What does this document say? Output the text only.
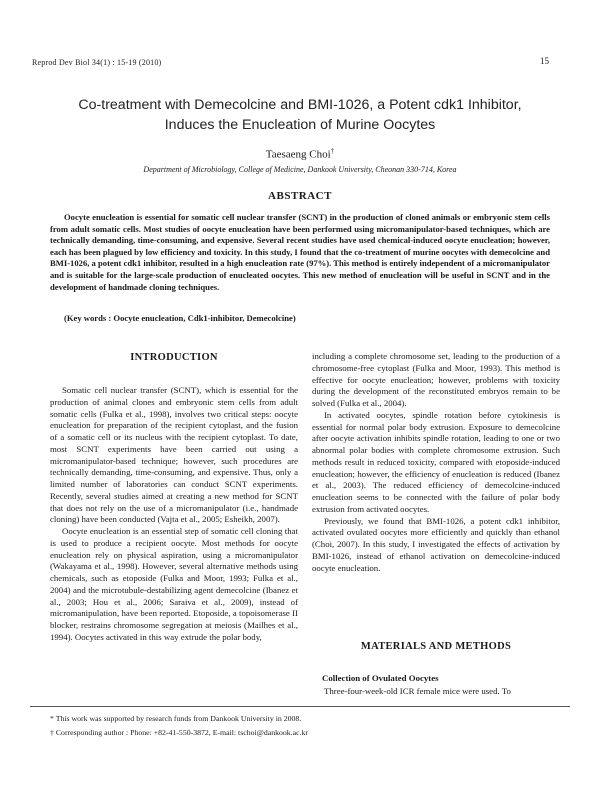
Reprod Dev Biol 34(1) : 15-19 (2010)	15
Co-treatment with Demecolcine and BMI-1026, a Potent cdk1 Inhibitor,
Induces the Enucleation of Murine Oocytes
Taesaeng Choi†
Department of Microbiology, College of Medicine, Dankook University, Cheonan 330-714, Korea
ABSTRACT
Oocyte enucleation is essential for somatic cell nuclear transfer (SCNT) in the production of cloned animals or embryonic stem cells from adult somatic cells. Most studies of oocyte enucleation have been performed using micromanipulator-based techniques, which are technically demanding, time-consuming, and expensive. Several recent studies have used chemical-induced oocyte enucleation; however, each has been plagued by low efficiency and toxicity. In this study, I found that the co-treatment of murine oocytes with demecolcine and BMI-1026, a potent cdk1 inhibitor, resulted in a high enucleation rate (97%). This method is entirely independent of a micromanipulator and is suitable for the large-scale production of enucleated oocytes. This new method of enucleation will be useful in SCNT and in the development of handmade cloning techniques.
(Key words : Oocyte enucleation, Cdk1-inhibitor, Demecolcine)
INTRODUCTION

Somatic cell nuclear transfer (SCNT), which is essential for the production of animal clones and embryonic stem cells from adult somatic cells (Fulka et al., 1998), involves two critical steps: oocyte enucleation for preparation of the recipient cytoplast, and the fusion of a somatic cell or its nucleus with the recipient cytoplast. To date, most SCNT experiments have been carried out using a micromanipulator-based technique; however, such procedures are technically demanding, time-consuming, and expensive. Thus, only a limited number of laboratories can conduct SCNT experiments. Recently, several studies aimed at creating a new method for SCNT that does not rely on the use of a micromanipulator (i.e., handmade cloning) have been conducted (Vajta et al., 2005; Esheikh, 2007).

Oocyte enucleation is an essential step of somatic cell cloning that is used to produce a recipient oocyte. Most methods for oocyte enucleation rely on physical aspiration, using a micromanipulator (Wakayama et al., 1998). However, several alternative methods using chemicals, such as etoposide (Fulka and Moor, 1993; Fulka et al., 2004) and the microtubule-destabilizing agent demecolcine (Ibanez et al., 2003; Hou et al., 2006; Saraiva et al., 2009), instead of micromanipulation, have been reported. Etoposide, a topoisomerase II blocker, restrains chromosome segregation at meiosis (Mailhes et al., 1994). Oocytes activated in this way extrude the polar body,

including a complete chromosome set, leading to the production of a chromosome-free cytoplast (Fulka and Moor, 1993). This method is effective for oocyte enucleation; however, problems with toxicity during the development of the reconstituted embryos remain to be solved (Fulka et al., 2004).

In activated oocytes, spindle rotation before cytokinesis is essential for normal polar body extrusion. Exposure to demecolcine after oocyte activation inhibits spindle rotation, leading to one or two abnormal polar bodies with complete chromosome extrusion. Such methods result in reduced toxicity, compared with etoposide-induced enucleation; however, the efficiency of enucleation is reduced (Ibanez et al., 2003). The reduced efficiency of demecolcine-induced enucleation seems to be connected with the failure of polar body extrusion from activated oocytes.

Previously, we found that BMI-1026, a potent cdk1 inhibitor, activated ovulated oocytes more efficiently and quickly than ethanol (Choi, 2007). In this study, I investigated the effects of activation by BMI-1026, instead of ethanol activation on demecolcine-induced oocyte enucleation.

MATERIALS AND METHODS
Collection of Ovulated Oocytes
Three-four-week-old ICR female mice were used. To
* This work was supported by research funds from Dankook University in 2008.
† Corresponding author : Phone: +82-41-550-3872, E-mail: tschoi@dankook.ac.kr
